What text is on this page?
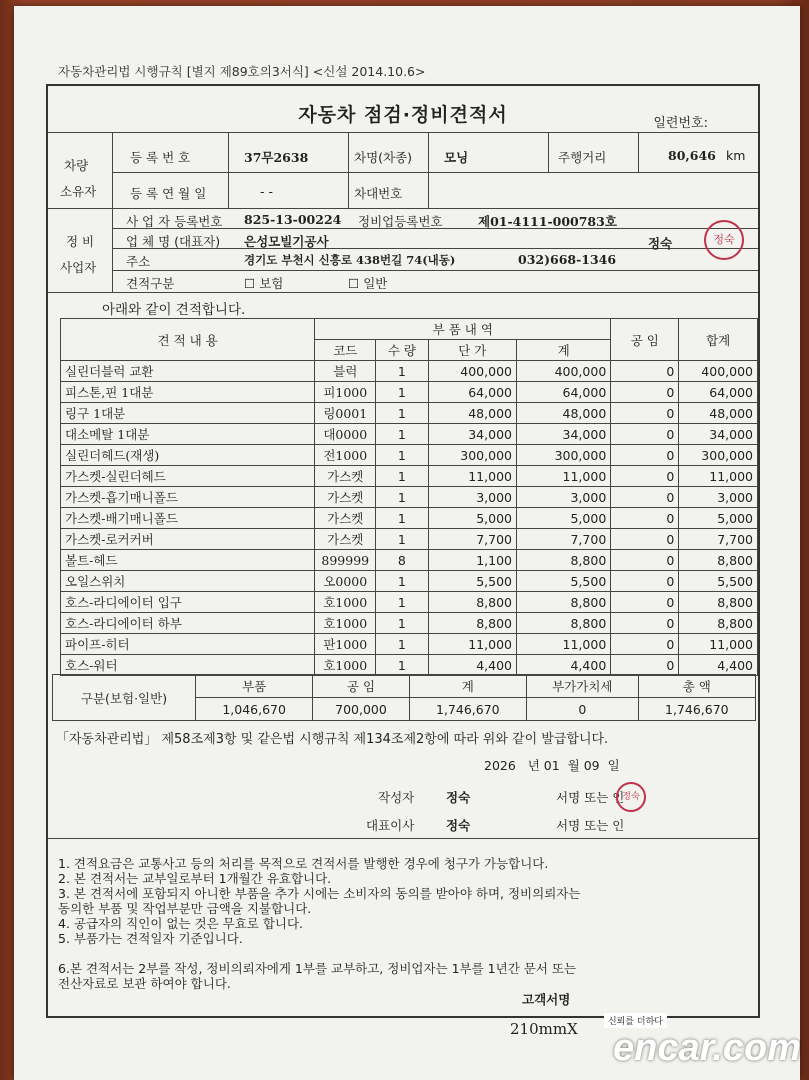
자동차관리법 시행규칙 [별지 제89호의3서식] <신설 2014.10.6>
자동차 점검·정비견적서	일련번호:
차량
소유자
등 록 번 호	37무2638	차명(차종)	모닝	주행거리	80,646 km
등 록 연 월 일	- -	차대번호
정 비
사업자
사 업 자 등록번호 825-13-00224 정비업등록번호	제01-4111-000783호
업 체 명 (대표자) 은성모빌기공사	정숙
주소	경기도 부천시 신흥로 438번길 74(내동)	032)668-1346
견적구분	☐ 보험	☐ 일반
정숙
아래와 같이 견적합니다.
견 적 내 용	부 품 내 역				공 임	합계
	코드	수 량	단 가	계		
실린더블럭 교환	블럭	1	400,000	400,000	0	400,000
피스톤,핀 1대분	피1000	1	64,000	64,000	0	64,000
링구 1대분	링0001	1	48,000	48,000	0	48,000
대소메탈 1대분	대0000	1	34,000	34,000	0	34,000
실린더헤드(재생)	전1000	1	300,000	300,000	0	300,000
가스켓-실린더헤드	가스켓	1	11,000	11,000	0	11,000
가스켓-흡기매니폴드	가스켓	1	3,000	3,000	0	3,000
가스켓-배기매니폴드	가스켓	1	5,000	5,000	0	5,000
가스켓-로커커버	가스켓	1	7,700	7,700	0	7,700
볼트-헤드	899999	8	1,100	8,800	0	8,800
오일스위치	오0000	1	5,500	5,500	0	5,500
호스-라디에이터 입구	호1000	1	8,800	8,800	0	8,800
호스-라디에이터 하부	호1000	1	8,800	8,800	0	8,800
파이프-히터	판1000	1	11,000	11,000	0	11,000
호스-워터	호1000	1	4,400	4,400	0	4,400
구분(보험·일반)	부품	공 임	계	부가가치세	총 액
	1,046,670	700,000	1,746,670	0	1,746,670
「자동차관리법」 제58조제3항 및 같은법 시행규칙 제134조제2항에 따라 위와 같이 발급합니다.
2026 년 01 월 09 일
작성자	정숙	서명 또는 인
대표이사	정숙	서명 또는 인
정숙
1. 견적요금은 교통사고 등의 처리를 목적으로 견적서를 발행한 경우에 청구가 가능합니다.
2. 본 견적서는 교부일로부터 1개월간 유효합니다.
3. 본 견적서에 포함되지 아니한 부품을 추가 시에는 소비자의 동의를 받아야 하며, 정비의뢰자는
동의한 부품 및 작업부분만 금액을 지불합니다.
4. 공급자의 직인이 없는 것은 무효로 합니다.
5. 부품가는 견적일자 기준입니다.
6.본 견적서는 2부를 작성, 정비의뢰자에게 1부를 교부하고, 정비업자는 1부를 1년간 문서 또는
전산자료로 보관 하여야 합니다.
고객서명
210mmX	신뢰를 더하다
encar.com
